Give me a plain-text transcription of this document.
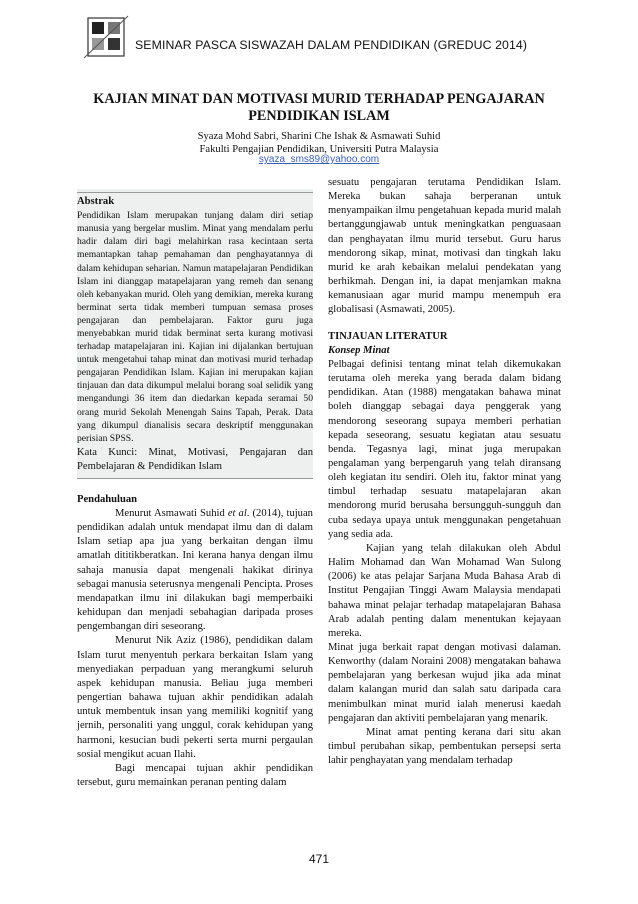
SEMINAR PASCA SISWAZAH DALAM PENDIDIKAN (GREDUC 2014)
KAJIAN MINAT DAN MOTIVASI MURID TERHADAP PENGAJARAN PENDIDIKAN ISLAM
Syaza Mohd Sabri, Sharini Che Ishak & Asmawati Suhid
Fakulti Pengajian Pendidikan, Universiti Putra Malaysia
syaza_sms89@yahoo.com
Abstrak
Pendidikan Islam merupakan tunjang dalam diri setiap manusia yang bergelar muslim. Minat yang mendalam perlu hadir dalam diri bagi melahirkan rasa kecintaan serta memantapkan tahap pemahaman dan penghayatannya di dalam kehidupan seharian. Namun matapelajaran Pendidikan Islam ini dianggap matapelajaran yang remeh dan senang oleh kebanyakan murid. Oleh yang demikian, mereka kurang berminat serta tidak memberi tumpuan semasa proses pengajaran dan pembelajaran. Faktor guru juga menyebabkan murid tidak berminat serta kurang motivasi terhadap matapelajaran ini. Kajian ini dijalankan bertujuan untuk mengetahui tahap minat dan motivasi murid terhadap pengajaran Pendidikan Islam. Kajian ini merupakan kajian tinjauan dan data dikumpul melalui borang soal selidik yang mengandungi 36 item dan diedarkan kepada seramai 50 orang murid Sekolah Menengah Sains Tapah, Perak. Data yang dikumpul dianalisis secara deskriptif menggunakan perisian SPSS.
Kata Kunci: Minat, Motivasi, Pengajaran dan Pembelajaran & Pendidikan Islam
Pendahuluan

Menurut Asmawati Suhid et al. (2014), tujuan pendidikan adalah untuk mendapat ilmu dan di dalam Islam setiap apa jua yang berkaitan dengan ilmu amatlah dititikberatkan. Ini kerana hanya dengan ilmu sahaja manusia dapat mengenali hakikat dirinya sebagai manusia seterusnya mengenali Pencipta. Proses mendapatkan ilmu ini dilakukan bagi memperbaiki kehidupan dan menjadi sebahagian daripada proses pengembangan diri seseorang.

Menurut Nik Aziz (1986), pendidikan dalam Islam turut menyentuh perkara berkaitan Islam yang menyediakan perpaduan yang merangkumi seluruh aspek kehidupan manusia. Beliau juga memberi pengertian bahawa tujuan akhir pendidikan adalah untuk membentuk insan yang memiliki kognitif yang jernih, personaliti yang unggul, corak kehidupan yang harmoni, kesucian budi pekerti serta murni pergaulan sosial mengikut acuan Ilahi.

Bagi mencapai tujuan akhir pendidikan tersebut, guru memainkan peranan penting dalam

sesuatu pengajaran terutama Pendidikan Islam. Mereka bukan sahaja berperanan untuk menyampaikan ilmu pengetahuan kepada murid malah bertanggungjawab untuk meningkatkan penguasaan dan penghayatan ilmu murid tersebut. Guru harus mendorong sikap, minat, motivasi dan tingkah laku murid ke arah kebaikan melalui pendekatan yang berhikmah. Dengan ini, ia dapat menjamkan makna kemanusiaan agar murid mampu menempuh era globalisasi (Asmawati, 2005).

TINJAUAN LITERATUR
Konsep Minat

Pelbagai definisi tentang minat telah dikemukakan terutama oleh mereka yang berada dalam bidang pendidikan. Atan (1988) mengatakan bahawa minat boleh dianggap sebagai daya penggerak yang mendorong seseorang supaya memberi perhatian kepada seseorang, sesuatu kegiatan atau sesuatu benda. Tegasnya lagi, minat juga merupakan pengalaman yang berpengaruh yang telah diransang oleh kegiatan itu sendiri. Oleh itu, faktor minat yang timbul terhadap sesuatu matapelajaran akan mendorong murid berusaha bersungguh-sungguh dan cuba sedaya upaya untuk menggunakan pengetahuan yang sedia ada.

Kajian yang telah dilakukan oleh Abdul Halim Mohamad dan Wan Mohamad Wan Sulong (2006) ke atas pelajar Sarjana Muda Bahasa Arab di Institut Pengajian Tinggi Awam Malaysia mendapati bahawa minat pelajar terhadap matapelajaran Bahasa Arab adalah penting dalam menentukan kejayaan mereka.

Minat juga berkait rapat dengan motivasi dalaman. Kenworthy (dalam Noraini 2008) mengatakan bahawa pembelajaran yang berkesan wujud jika ada minat dalam kalangan murid dan salah satu daripada cara menimbulkan minat murid ialah menerusi kaedah pengajaran dan aktiviti pembelajaran yang menarik.

Minat amat penting kerana dari situ akan timbul perubahan sikap, pembentukan persepsi serta lahir penghayatan yang mendalam terhadap

471
